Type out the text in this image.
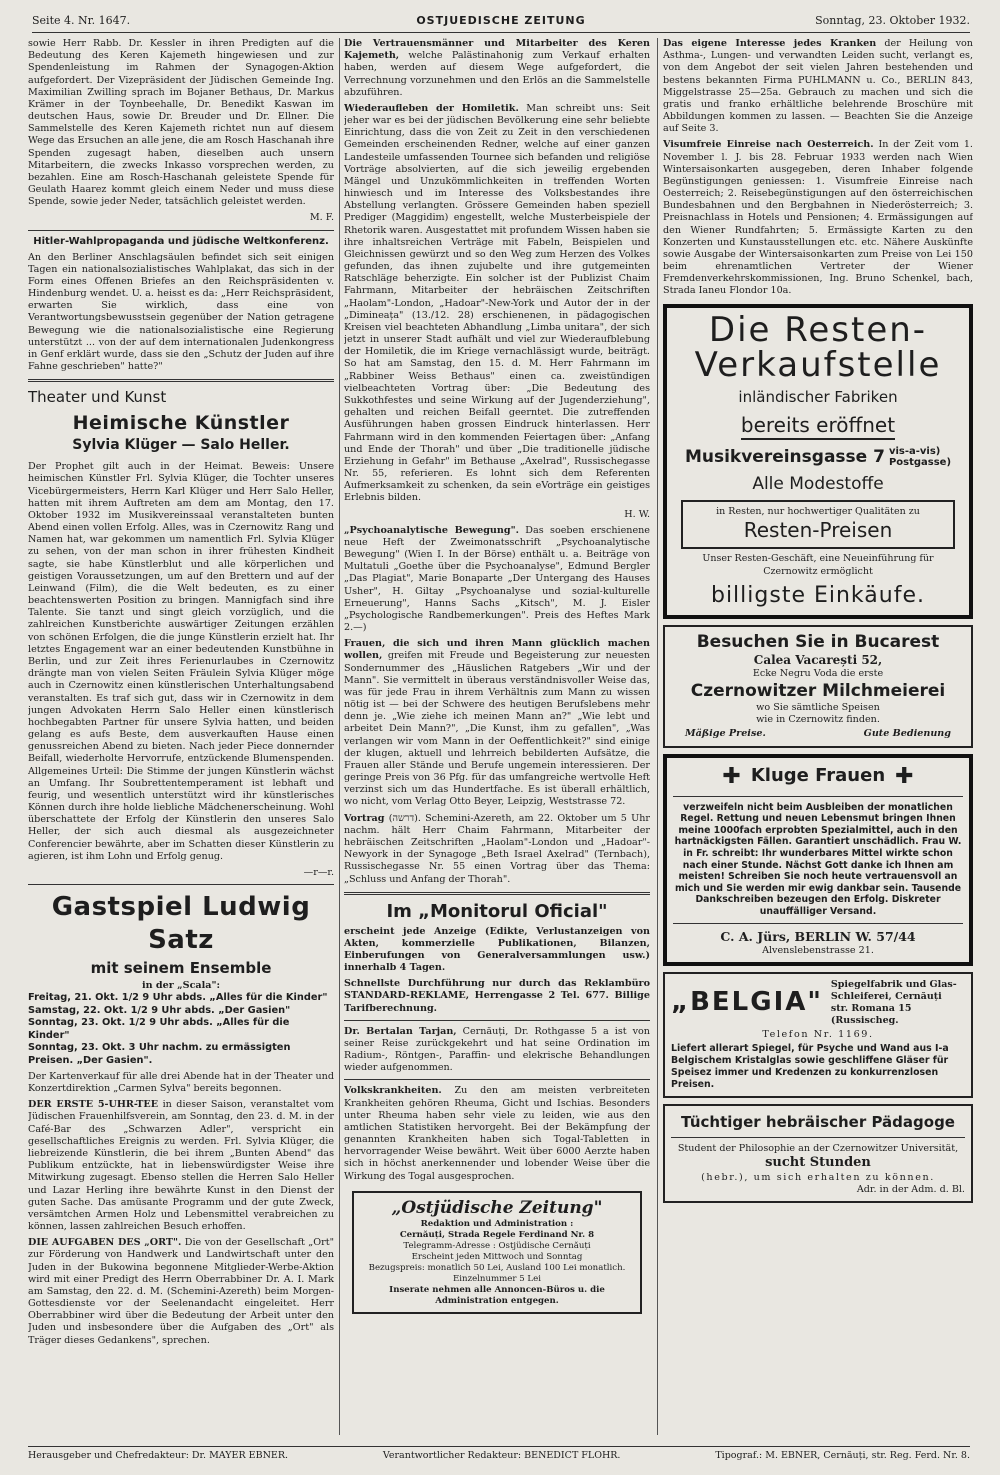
Seite 4. Nr. 1647.	OSTJUEDISCHE ZEITUNG	Sonntag, 23. Oktober 1932.

sowie Herr Rabb. Dr. Kessler in ihren Predigten auf die Bedeutung des Keren Kajemeth hingewiesen und zur Spendenleistung im Rahmen der Synagogen-Aktion aufgefordert. Der Vizepräsident der Jüdischen Gemeinde Ing. Maximilian Zwilling sprach im Bojaner Bethaus, Dr. Markus Krämer in der Toynbeehalle, Dr. Benedikt Kaswan im deutschen Haus, sowie Dr. Breuder und Dr. Ellner. Die Sammelstelle des Keren Kajemeth richtet nun auf diesem Wege das Ersuchen an alle jene, die am Rosch Haschanah ihre Spenden zugesagt haben, dieselben auch unsern Mitarbeitern, die zwecks Inkasso vorsprechen werden, zu bezahlen. Eine am Rosch-Haschanah geleistete Spende für Geulath Haarez kommt gleich einem Neder und muss diese Spende, sowie jeder Neder, tatsächlich geleistet werden.

M. F.

Hitler-Wahlpropaganda und jüdische Weltkonferenz.

An den Berliner Anschlagsäulen befindet sich seit einigen Tagen ein nationalsozialistisches Wahlplakat, das sich in der Form eines Offenen Briefes an den Reichspräsidenten v. Hindenburg wendet. U. a. heisst es da: „Herr Reichspräsident, erwarten Sie wirklich, dass eine von Verantwortungsbewusstsein gegenüber der Nation getragene Bewegung wie die nationalsozialistische eine Regierung unterstützt ... von der auf dem internationalen Judenkongress in Genf erklärt wurde, dass sie den „Schutz der Juden auf ihre Fahne geschrieben" hatte?"

Theater und Kunst
Heimische Künstler
Sylvia Klüger — Salo Heller.

Der Prophet gilt auch in der Heimat. Beweis: Unsere heimischen Künstler Frl. Sylvia Klüger, die Tochter unseres Vicebürgermeisters, Herrn Karl Klüger und Herr Salo Heller, hatten mit ihrem Auftreten am dem am Montag, den 17. Oktober 1932 im Musikvereinssaal veranstalteten bunten Abend einen vollen Erfolg. Alles, was in Czernowitz Rang und Namen hat, war gekommen um namentlich Frl. Sylvia Klüger zu sehen, von der man schon in ihrer frühesten Kindheit sagte, sie habe Künstlerblut und alle körperlichen und geistigen Voraussetzungen, um auf den Brettern und auf der Leinwand (Film), die die Welt bedeuten, es zu einer beachtenswerten Position zu bringen. Mannigfach sind ihre Talente. Sie tanzt und singt gleich vorzüglich, und die zahlreichen Kunstberichte auswärtiger Zeitungen erzählen von schönen Erfolgen, die die junge Künstlerin erzielt hat. Ihr letztes Engagement war an einer bedeutenden Kunstbühne in Berlin, und zur Zeit ihres Ferienurlaubes in Czernowitz drängte man von vielen Seiten Fräulein Sylvia Klüger möge auch in Czernowitz einen künstlerischen Unterhaltungsabend veranstalten. Es traf sich gut, dass wir in Czernowitz in dem jungen Advokaten Herrn Salo Heller einen künstlerisch hochbegabten Partner für unsere Sylvia hatten, und beiden gelang es aufs Beste, dem ausverkauften Hause einen genussreichen Abend zu bieten. Nach jeder Piece donnernder Beifall, wiederholte Hervorrufe, entzückende Blumenspenden. Allgemeines Urteil: Die Stimme der jungen Künstlerin wächst an Umfang. Ihr Soubrettentemperament ist lebhaft und feurig, und wesentlich unterstützt wird ihr künstlerisches Können durch ihre holde liebliche Mädchenerscheinung. Wohl überschattete der Erfolg der Künstlerin den unseres Salo Heller, der sich auch diesmal als ausgezeichneter Conferencier bewährte, aber im Schatten dieser Künstlerin zu agieren, ist ihm Lohn und Erfolg genug.

—r—r.

Gastspiel Ludwig Satz
mit seinem Ensemble
in der „Scala":
Freitag, 21. Okt. 1/2 9 Uhr abds. „Alles für die Kinder"
Samstag, 22. Okt. 1/2 9 Uhr abds. „Der Gasien"
Sonntag, 23. Okt. 1/2 9 Uhr abds. „Alles für die Kinder"
Sonntag, 23. Okt. 3 Uhr nachm. zu ermässigten Preisen. „Der Gasien".

Der Kartenverkauf für alle drei Abende hat in der Theater und Konzertdirektion „Carmen Sylva" bereits begonnen.

DER ERSTE 5-UHR-TEE in dieser Saison, veranstaltet vom Jüdischen Frauenhilfsverein, am Sonntag, den 23. d. M. in der Café-Bar des „Schwarzen Adler", verspricht ein gesellschaftliches Ereignis zu werden. Frl. Sylvia Klüger, die liebreizende Künstlerin, die bei ihrem „Bunten Abend" das Publikum entzückte, hat in liebenswürdigster Weise ihre Mitwirkung zugesagt. Ebenso stellen die Herren Salo Heller und Lazar Herling ihre bewährte Kunst in den Dienst der guten Sache. Das amüsante Programm und der gute Zweck, versämtchen Armen Holz und Lebensmittel verabreichen zu können, lassen zahlreichen Besuch erhoffen.

DIE AUFGABEN DES „ORT". Die von der Gesellschaft „Ort" zur Förderung von Handwerk und Landwirtschaft unter den Juden in der Bukowina begonnene Mitglieder-Werbe-Aktion wird mit einer Predigt des Herrn Oberrabbiner Dr. A. I. Mark am Samstag, den 22. d. M. (Schemini-Azereth) beim Morgen-Gottesdienste vor der Seelenandacht eingeleitet. Herr Oberrabbiner wird über die Bedeutung der Arbeit unter den Juden und insbesondere über die Aufgaben des „Ort" als Träger dieses Gedankens", sprechen.

Die Vertrauensmänner und Mitarbeiter des Keren Kajemeth, welche Palästinahonig zum Verkauf erhalten haben, werden auf diesem Wege aufgefordert, die Verrechnung vorzunehmen und den Erlös an die Sammelstelle abzuführen.

Wiederaufleben der Homiletik. Man schreibt uns: Seit jeher war es bei der jüdischen Bevölkerung eine sehr beliebte Einrichtung, dass die von Zeit zu Zeit in den verschiedenen Gemeinden erscheinenden Redner, welche auf einer ganzen Landesteile umfassenden Tournee sich befanden und religiöse Vorträge absolvierten, auf die sich jeweilig ergebenden Mängel und Unzukömmlichkeiten in treffenden Worten hinwiesch und im Interesse des Volksbestandes ihre Abstellung verlangten. Grössere Gemeinden haben speziell Prediger (Maggidim) engestellt, welche Musterbeispiele der Rhetorik waren. Ausgestattet mit profundem Wissen haben sie ihre inhaltsreichen Verträge mit Fabeln, Beispielen und Gleichnissen gewürzt und so den Weg zum Herzen des Volkes gefunden, das ihnen zujubelte und ihre gutgemeinten Ratschläge beherzigte. Ein solcher ist der Publizist Chaim Fahrmann, Mitarbeiter der hebräischen Zeitschriften „Haolam"-London, „Hadoar"-New-York und Autor der in der „Dimineața" (13./12. 28) erschienenen, in pädagogischen Kreisen viel beachteten Abhandlung „Limba unitara", der sich jetzt in unserer Stadt aufhält und viel zur Wiederaufblebung der Homiletik, die im Kriege vernachlässigt wurde, beiträgt. So hat am Samstag, den 15. d. M. Herr Fahrmann im „Rabbiner Weiss Bethaus" einen ca. zweistündigen vielbeachteten Vortrag über: „Die Bedeutung des Sukkothfestes und seine Wirkung auf der Jugenderziehung", gehalten und reichen Beifall geerntet. Die zutreffenden Ausführungen haben grossen Eindruck hinterlassen. Herr Fahrmann wird in den kommenden Feiertagen über: „Anfang und Ende der Thorah" und über „Die traditionelle jüdische Erziehung in Gefahr" im Bethause „Axelrad", Russischegasse Nr. 55, referieren. Es lohnt sich dem Referenten Aufmerksamkeit zu schenken, da sein eVorträge ein geistiges Erlebnis bilden.

H. W.

„Psychoanalytische Bewegung". Das soeben erschienene neue Heft der Zweimonatsschrift „Psychoanalytische Bewegung" (Wien I. In der Börse) enthält u. a. Beiträge von Multatuli „Goethe über die Psychoanalyse", Edmund Bergler „Das Plagiat", Marie Bonaparte „Der Untergang des Hauses Usher", H. Giltay „Psychoanalyse und sozial-kulturelle Erneuerung", Hanns Sachs „Kitsch", M. J. Eisler „Psychologische Randbemerkungen". Preis des Heftes Mark 2.—)

Frauen, die sich und ihren Mann glücklich machen wollen, greifen mit Freude und Begeisterung zur neuesten Sondernummer des „Häuslichen Ratgebers „Wir und der Mann". Sie vermittelt in überaus verständnisvoller Weise das, was für jede Frau in ihrem Verhältnis zum Mann zu wissen nötig ist — bei der Schwere des heutigen Berufslebens mehr denn je. „Wie ziehe ich meinen Mann an?" „Wie lebt und arbeitet Dein Mann?", „Die Kunst, ihm zu gefallen", „Was verlangen wir vom Mann in der Oeffentlichkeit?" sind einige der klugen, aktuell und lehrreich bebilderten Aufsätze, die Frauen aller Stände und Berufe ungemein interessieren. Der geringe Preis von 36 Pfg. für das umfangreiche wertvolle Heft verzinst sich um das Hundertfache. Es ist überall erhältlich, wo nicht, vom Verlag Otto Beyer, Leipzig, Weststrasse 72.

Vortrag (דרשה). Schemini-Azereth, am 22. Oktober um 5 Uhr nachm. hält Herr Chaim Fahrmann, Mitarbeiter der hebräischen Zeitschriften „Haolam"-London und „Hadoar"-Newyork in der Synagoge „Beth Israel Axelrad" (Ternbach), Russischegasse Nr. 55 einen Vortrag über das Thema: „Schluss und Anfang der Thorah".

Im „Monitorul Oficial"

erscheint jede Anzeige (Edikte, Verlustanzeigen von Akten, kommerzielle Publikationen, Bilanzen, Einberufungen von Generalversammlungen usw.) innerhalb 4 Tagen.

Schnellste Durchführung nur durch das Reklambüro STANDARD-REKLAME, Herrengasse 2 Tel. 677. Billige Tarifberechnung.

Dr. Bertalan Tarjan, Cernăuți, Dr. Rothgasse 5 a ist von seiner Reise zurückgekehrt und hat seine Ordination im Radium-, Röntgen-, Paraffin- und elekrische Behandlungen wieder aufgenommen.

Volkskrankheiten. Zu den am meisten verbreiteten Krankheiten gehören Rheuma, Gicht und Ischias. Besonders unter Rheuma haben sehr viele zu leiden, wie aus den amtlichen Statistiken hervorgeht. Bei der Bekämpfung der genannten Krankheiten haben sich Togal-Tabletten in hervorragender Weise bewährt. Weit über 6000 Aerzte haben sich in höchst anerkennender und lobender Weise über die Wirkung des Togal ausgesprochen.

„Ostjüdische Zeitung"
Redaktion und Administration :
Cernăuți, Strada Regele Ferdinand Nr. 8
Telegramm-Adresse : Ostjüdische Cernăuți
Erscheint jeden Mittwoch und Sonntag
Bezugspreis: monatlich 50 Lei, Ausland 100 Lei monatlich. Einzelnummer 5 Lei
Inserate nehmen alle Annoncen-Büros u. die Administration entgegen.

Das eigene Interesse jedes Kranken der Heilung von Asthma-, Lungen- und verwandten Leiden sucht, verlangt es, von dem Angebot der seit vielen Jahren bestehenden und bestens bekannten Firma PUHLMANN u. Co., BERLIN 843, Miggelstrasse 25—25a. Gebrauch zu machen und sich die gratis und franko erhältliche belehrende Broschüre mit Abbildungen kommen zu lassen. — Beachten Sie die Anzeige auf Seite 3.

Visumfreie Einreise nach Oesterreich. In der Zeit vom 1. November l. J. bis 28. Februar 1933 werden nach Wien Wintersaisonkarten ausgegeben, deren Inhaber folgende Begünstigungen geniessen: 1. Visumfreie Einreise nach Oesterreich; 2. Reisebegünstigungen auf den österreichischen Bundesbahnen und den Bergbahnen in Niederösterreich; 3. Preisnachlass in Hotels und Pensionen; 4. Ermässigungen auf den Wiener Rundfahrten; 5. Ermässigte Karten zu den Konzerten und Kunstausstellungen etc. etc. Nähere Auskünfte sowie Ausgabe der Wintersaisonkarten zum Preise von Lei 150 beim ehrenamtlichen Vertreter der Wiener Fremdenverkehrskommissionen, Ing. Bruno Schenkel, bach, Strada Ianeu Flondor 10a.

Die Resten-
Verkaufstelle
inländischer Fabriken
bereits eröffnet
Musikvereinsgasse 7 vis-a-vis)
Postgasse)
Alle Modestoffe
in Resten, nur hochwertiger Qualitäten zu
Resten-Preisen
Unser Resten-Geschäft, eine Neueinführung für Czernowitz ermöglicht
billigste Einkäufe.
Besuchen Sie in Bucarest
Calea Vacarești 52,
Ecke Negru Voda die erste
Czernowitzer Milchmeierei
wo Sie sämtliche Speisen
wie in Czernowitz finden.
Mäßige Preise.	Gute Bedienung
✚ Kluge Frauen ✚
verzweifeln nicht beim Ausbleiben der monatlichen Regel. Rettung und neuen Lebensmut bringen Ihnen meine 1000fach erprobten Spezialmittel, auch in den hartnäckigsten Fällen. Garantiert unschädlich. Frau W. in Fr. schreibt: Ihr wunderbares Mittel wirkte schon nach einer Stunde. Nächst Gott danke ich Ihnen am meisten! Schreiben Sie noch heute vertrauensvoll an mich und Sie werden mir ewig dankbar sein. Tausende Dankschreiben bezeugen den Erfolg. Diskreter unauffälliger Versand.
C. A. Jürs, BERLIN W. 57/44
Alvenslebenstrasse 21.
„BELGIA"
Spiegelfabrik und Glas-Schleiferei, Cernăuți
str. Romana 15 (Russischeg.
Telefon Nr. 1169.
Liefert allerart Spiegel, für Psyche und Wand aus I-a Belgischem Kristalglas sowie geschliffene Gläser für Speisez immer und Kredenzen zu konkurrenzlosen Preisen.
Tüchtiger hebräischer Pädagoge
Student der Philosophie an der Czernowitzer Universität,
sucht Stunden
(hebr.), um sich erhalten zu können.
Adr. in der Adm. d. Bl.
Herausgeber und Chefredakteur: Dr. MAYER EBNER.	Verantwortlicher Redakteur: BENEDICT FLOHR.	Tipograf.: M. EBNER, Cernăuți, str. Reg. Ferd. Nr. 8.
